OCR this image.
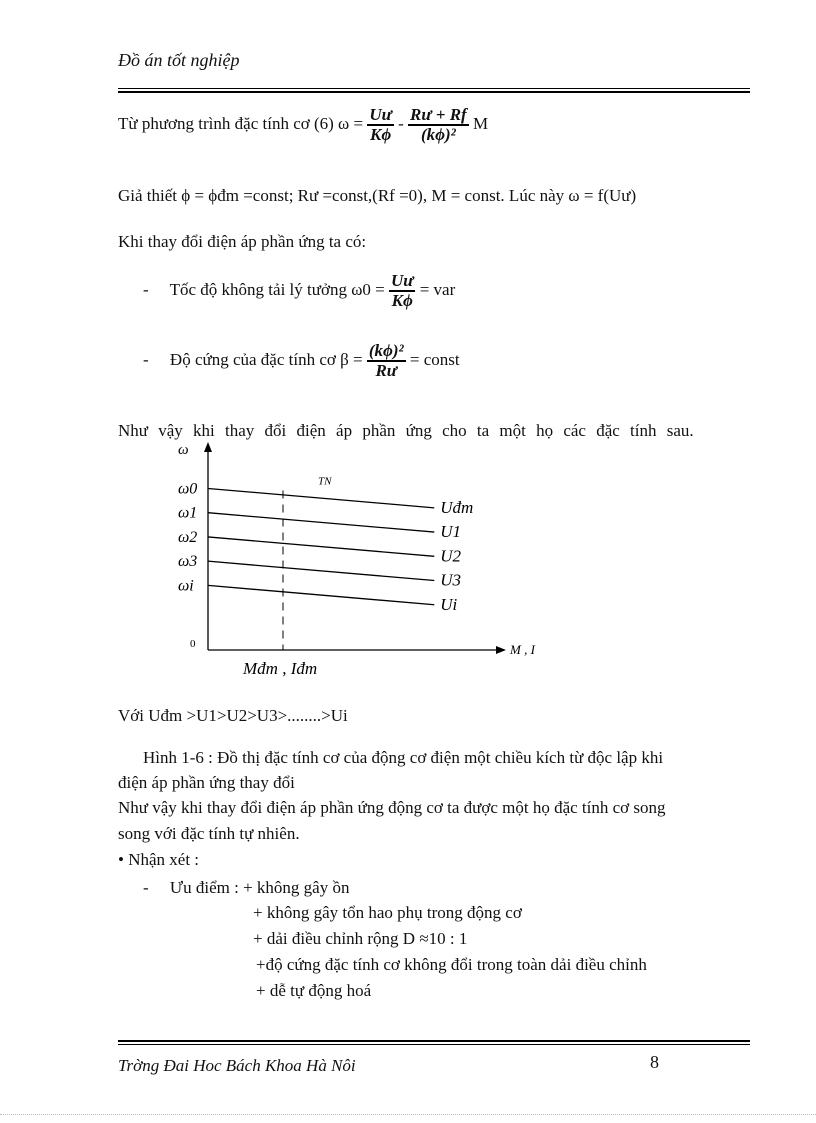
Đồ án tốt nghiệp
Từ phương trình đặc tính cơ (6) $\omega = \frac{Uư}{K\phi} - \frac{Rư + Rf}{\text{(kϕ)²}}$ M
Giả thiết ϕ = ϕđm =const; Rư =const,(Rf =0), M = const. Lúc này ω = f(Uư)
Khi thay đổi điện áp phần ứng ta có:
- Tốc độ không tải lý tưởng $\omega 0 = \frac{Uư}{K\phi}$ = var
- Độ cứng của đặc tính cơ $\beta = \frac{\text{(kϕ)²}}{Rư}$ = const
Như vậy khi thay đổi điện áp phần ứng cho ta một họ các đặc tính sau.
ω
M , I
0
Mđm , Iđm
TN
Uđm
ω0
U1
ω1
U2
ω2
U3
ω3
Ui
ωi
Với Uđm >U1>U2>U3>........>Ui
Hình 1-6 : Đồ thị đặc tính cơ của động cơ điện một chiều kích từ độc lập khi
điện áp phần ứng thay đổi
Như vậy khi thay đổi điện áp phần ứng động cơ ta được một họ đặc tính cơ song
song với đặc tính tự nhiên.
• Nhận xét :
- Ưu điểm : + không gây ồn
+ không gây tổn hao phụ trong động cơ
+ dải điều chỉnh rộng D ≈10 : 1
+độ cứng đặc tính cơ không đổi trong toàn dải điều chỉnh
+ dễ tự động hoá
Trờng Đai Hoc Bách Khoa Hà Nôi	8
